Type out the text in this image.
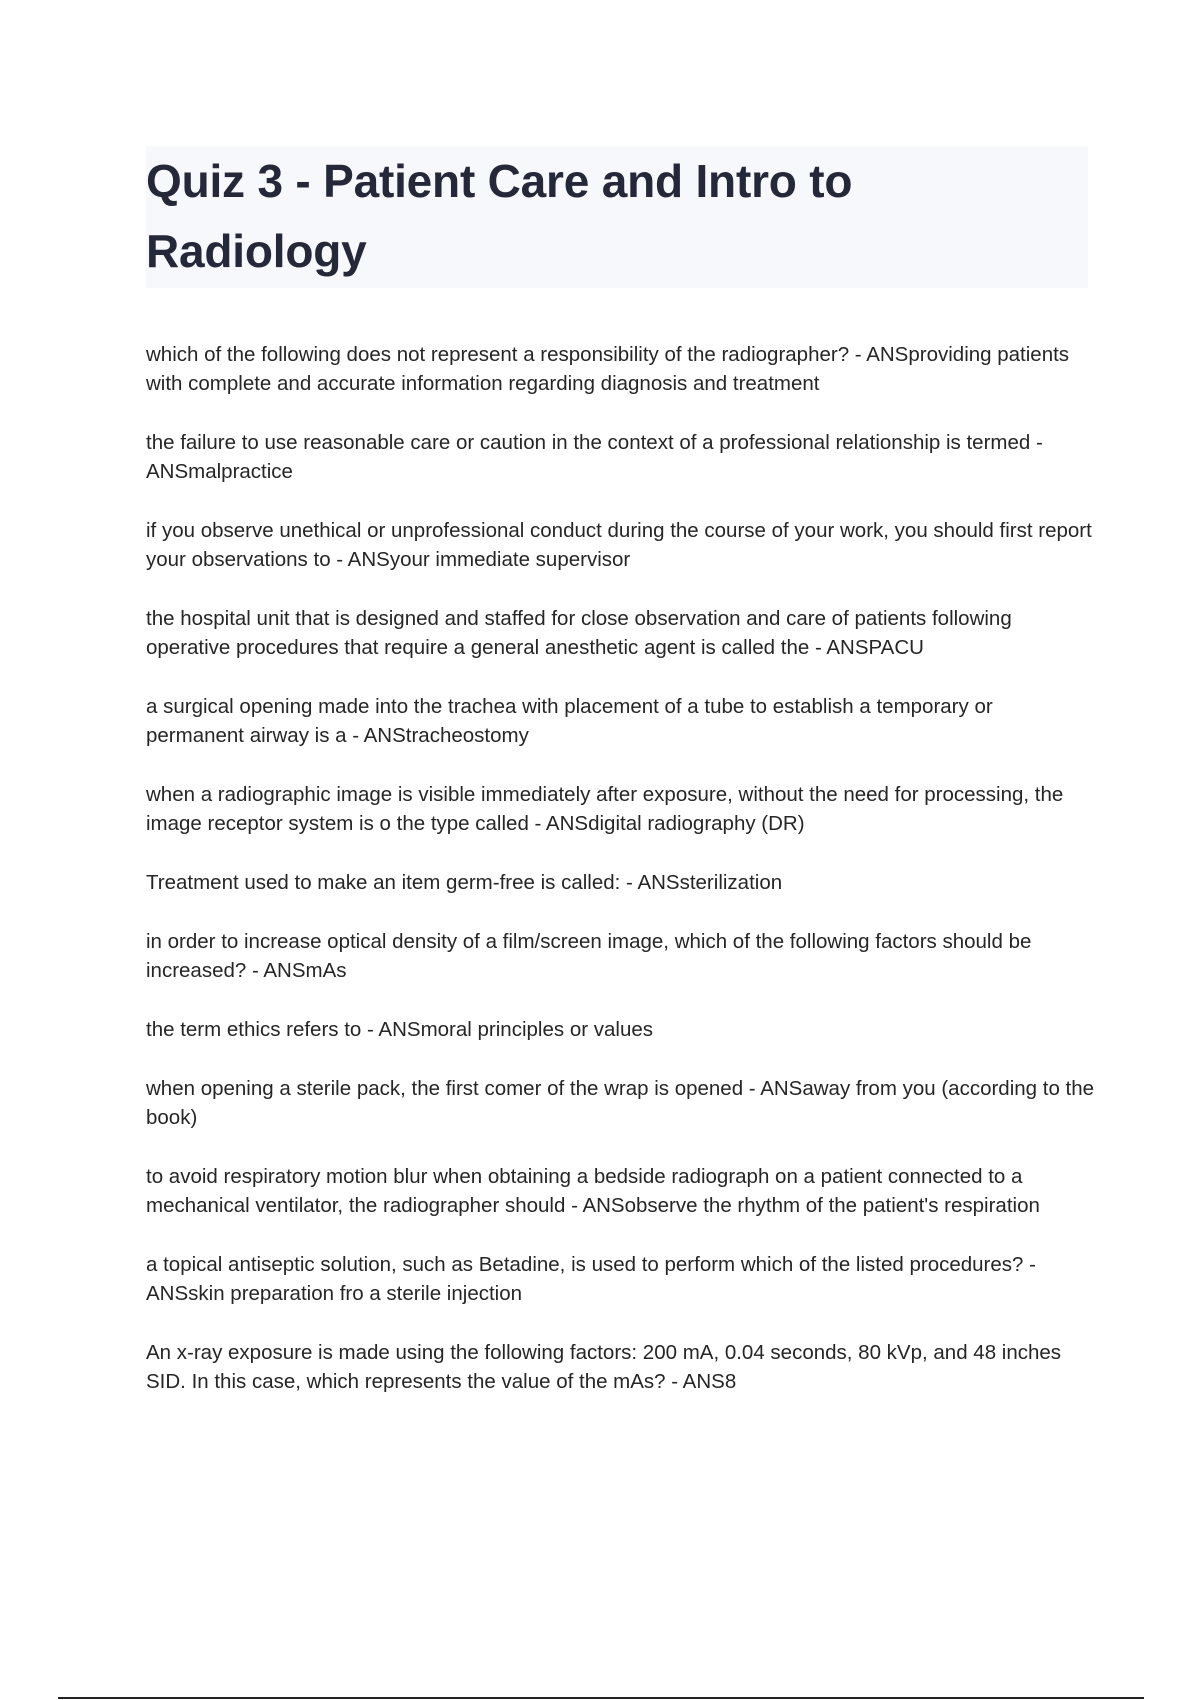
Quiz 3 - Patient Care and Intro to
Radiology
which of the following does not represent a responsibility of the radiographer? - ANSproviding patients with complete and accurate information regarding diagnosis and treatment
the failure to use reasonable care or caution in the context of a professional relationship is termed - ANSmalpractice
if you observe unethical or unprofessional conduct during the course of your work, you should first report your observations to - ANSyour immediate supervisor
the hospital unit that is designed and staffed for close observation and care of patients following operative procedures that require a general anesthetic agent is called the - ANSPACU
a surgical opening made into the trachea with placement of a tube to establish a temporary or permanent airway is a - ANStracheostomy
when a radiographic image is visible immediately after exposure, without the need for processing, the image receptor system is o the type called - ANSdigital radiography (DR)
Treatment used to make an item germ-free is called: - ANSsterilization
in order to increase optical density of a film/screen image, which of the following factors should be increased? - ANSmAs
the term ethics refers to - ANSmoral principles or values
when opening a sterile pack, the first comer of the wrap is opened - ANSaway from you (according to the book)
to avoid respiratory motion blur when obtaining a bedside radiograph on a patient connected to a mechanical ventilator, the radiographer should - ANSobserve the rhythm of the patient's respiration
a topical antiseptic solution, such as Betadine, is used to perform which of the listed procedures? - ANSskin preparation fro a sterile injection
An x-ray exposure is made using the following factors: 200 mA, 0.04 seconds, 80 kVp, and 48 inches SID. In this case, which represents the value of the mAs? - ANS8
